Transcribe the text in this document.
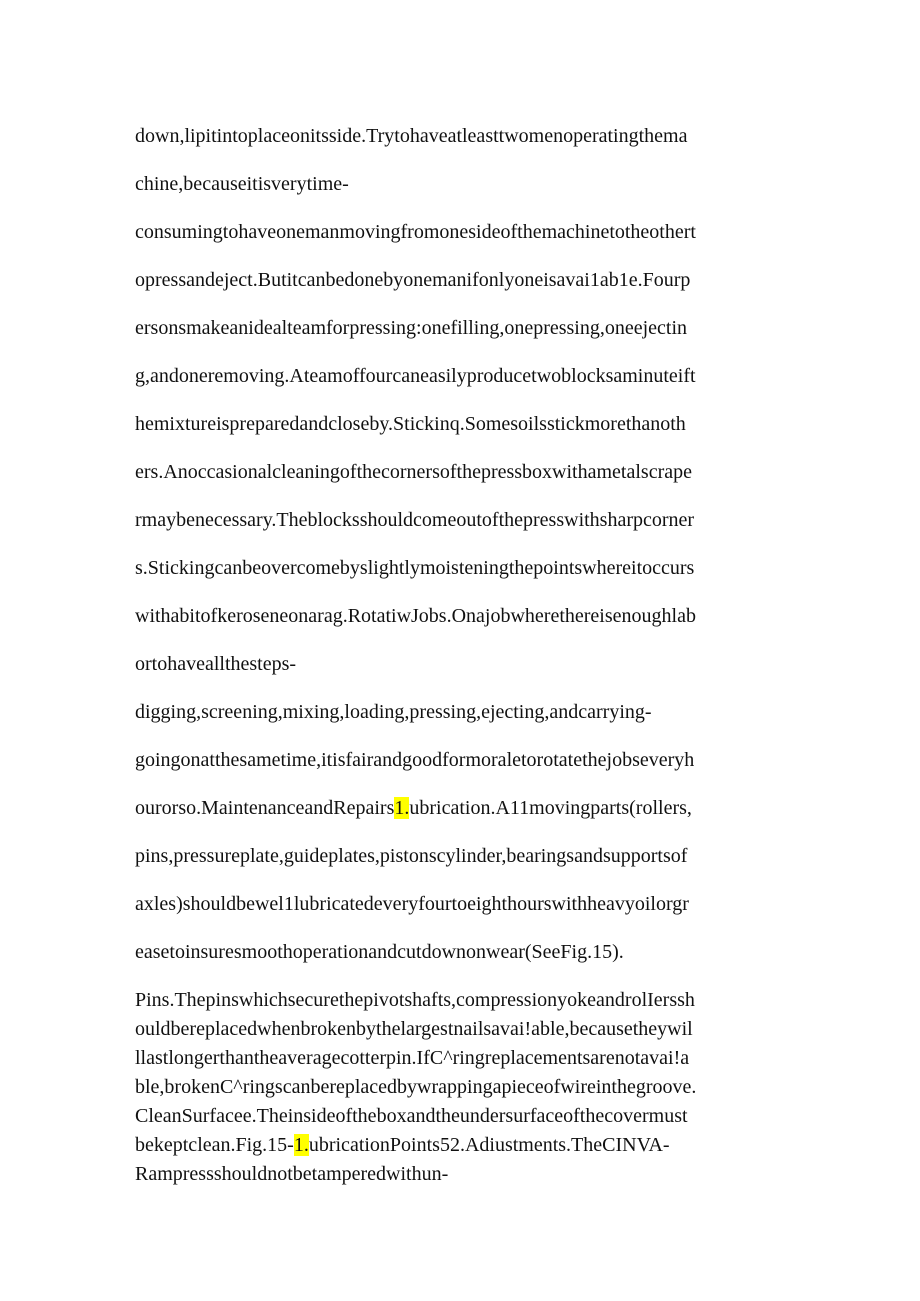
down,lipitintoplaceonitsside.Trytohaveatleasttwomenoperatingthema
chine,becauseitisverytime-
consumingtohaveonemanmovingfromonesideofthemachinetotheothert
opressandeject.Butitcanbedonebyonemanifonlyoneisavai1ab1e.Fourp
ersonsmakeanidealteamforpressing:onefilling,onepressing,oneejectin
g,andoneremoving.Ateamoffourcaneasilyproducetwoblocksaminuteift
hemixtureispreparedandcloseby.Stickinq.Somesoilsstickmorethanoth
ers.Anoccasionalcleaningofthecornersofthepressboxwithametalscrape
rmaybenecessary.Theblocksshouldcomeoutofthepresswithsharpcorner
s.Stickingcanbeovercomebyslightlymoisteningthepointswhereitoccurs
withabitofkeroseneonarag.RotatiwJobs.Onajobwherethereisenoughlab
ortohaveallthesteps-
digging,screening,mixing,loading,pressing,ejecting,andcarrying-
goingonatthesametime,itisfairandgoodformoraletorotatethejobseveryh
ourorso.MaintenanceandRepairs1.ubrication.A11movingparts(rollers,
pins,pressureplate,guideplates,pistonscylinder,bearingsandsupportsof
axles)shouldbewel1lubricatedeveryfourtoeighthourswithheavyoilorgr
easetoinsuresmoothoperationandcutdownonwear(SeeFig.15).
Pins.Thepinswhichsecurethepivotshafts,compressionyokeandrolIerssh
ouldbereplacedwhenbrokenbythelargestnailsavai!able,becausetheywil
llastlongerthantheaveragecotterpin.IfC^ringreplacementsarenotavai!a
ble,brokenC^ringscanbereplacedbywrappingapieceofwireinthegroove.
CleanSurfacee.Theinsideoftheboxandtheundersurfaceofthecovermust
bekeptclean.Fig.15-1.ubricationPoints52.Adiustments.TheCINVA-
Rampressshouldnotbetamperedwithun-
